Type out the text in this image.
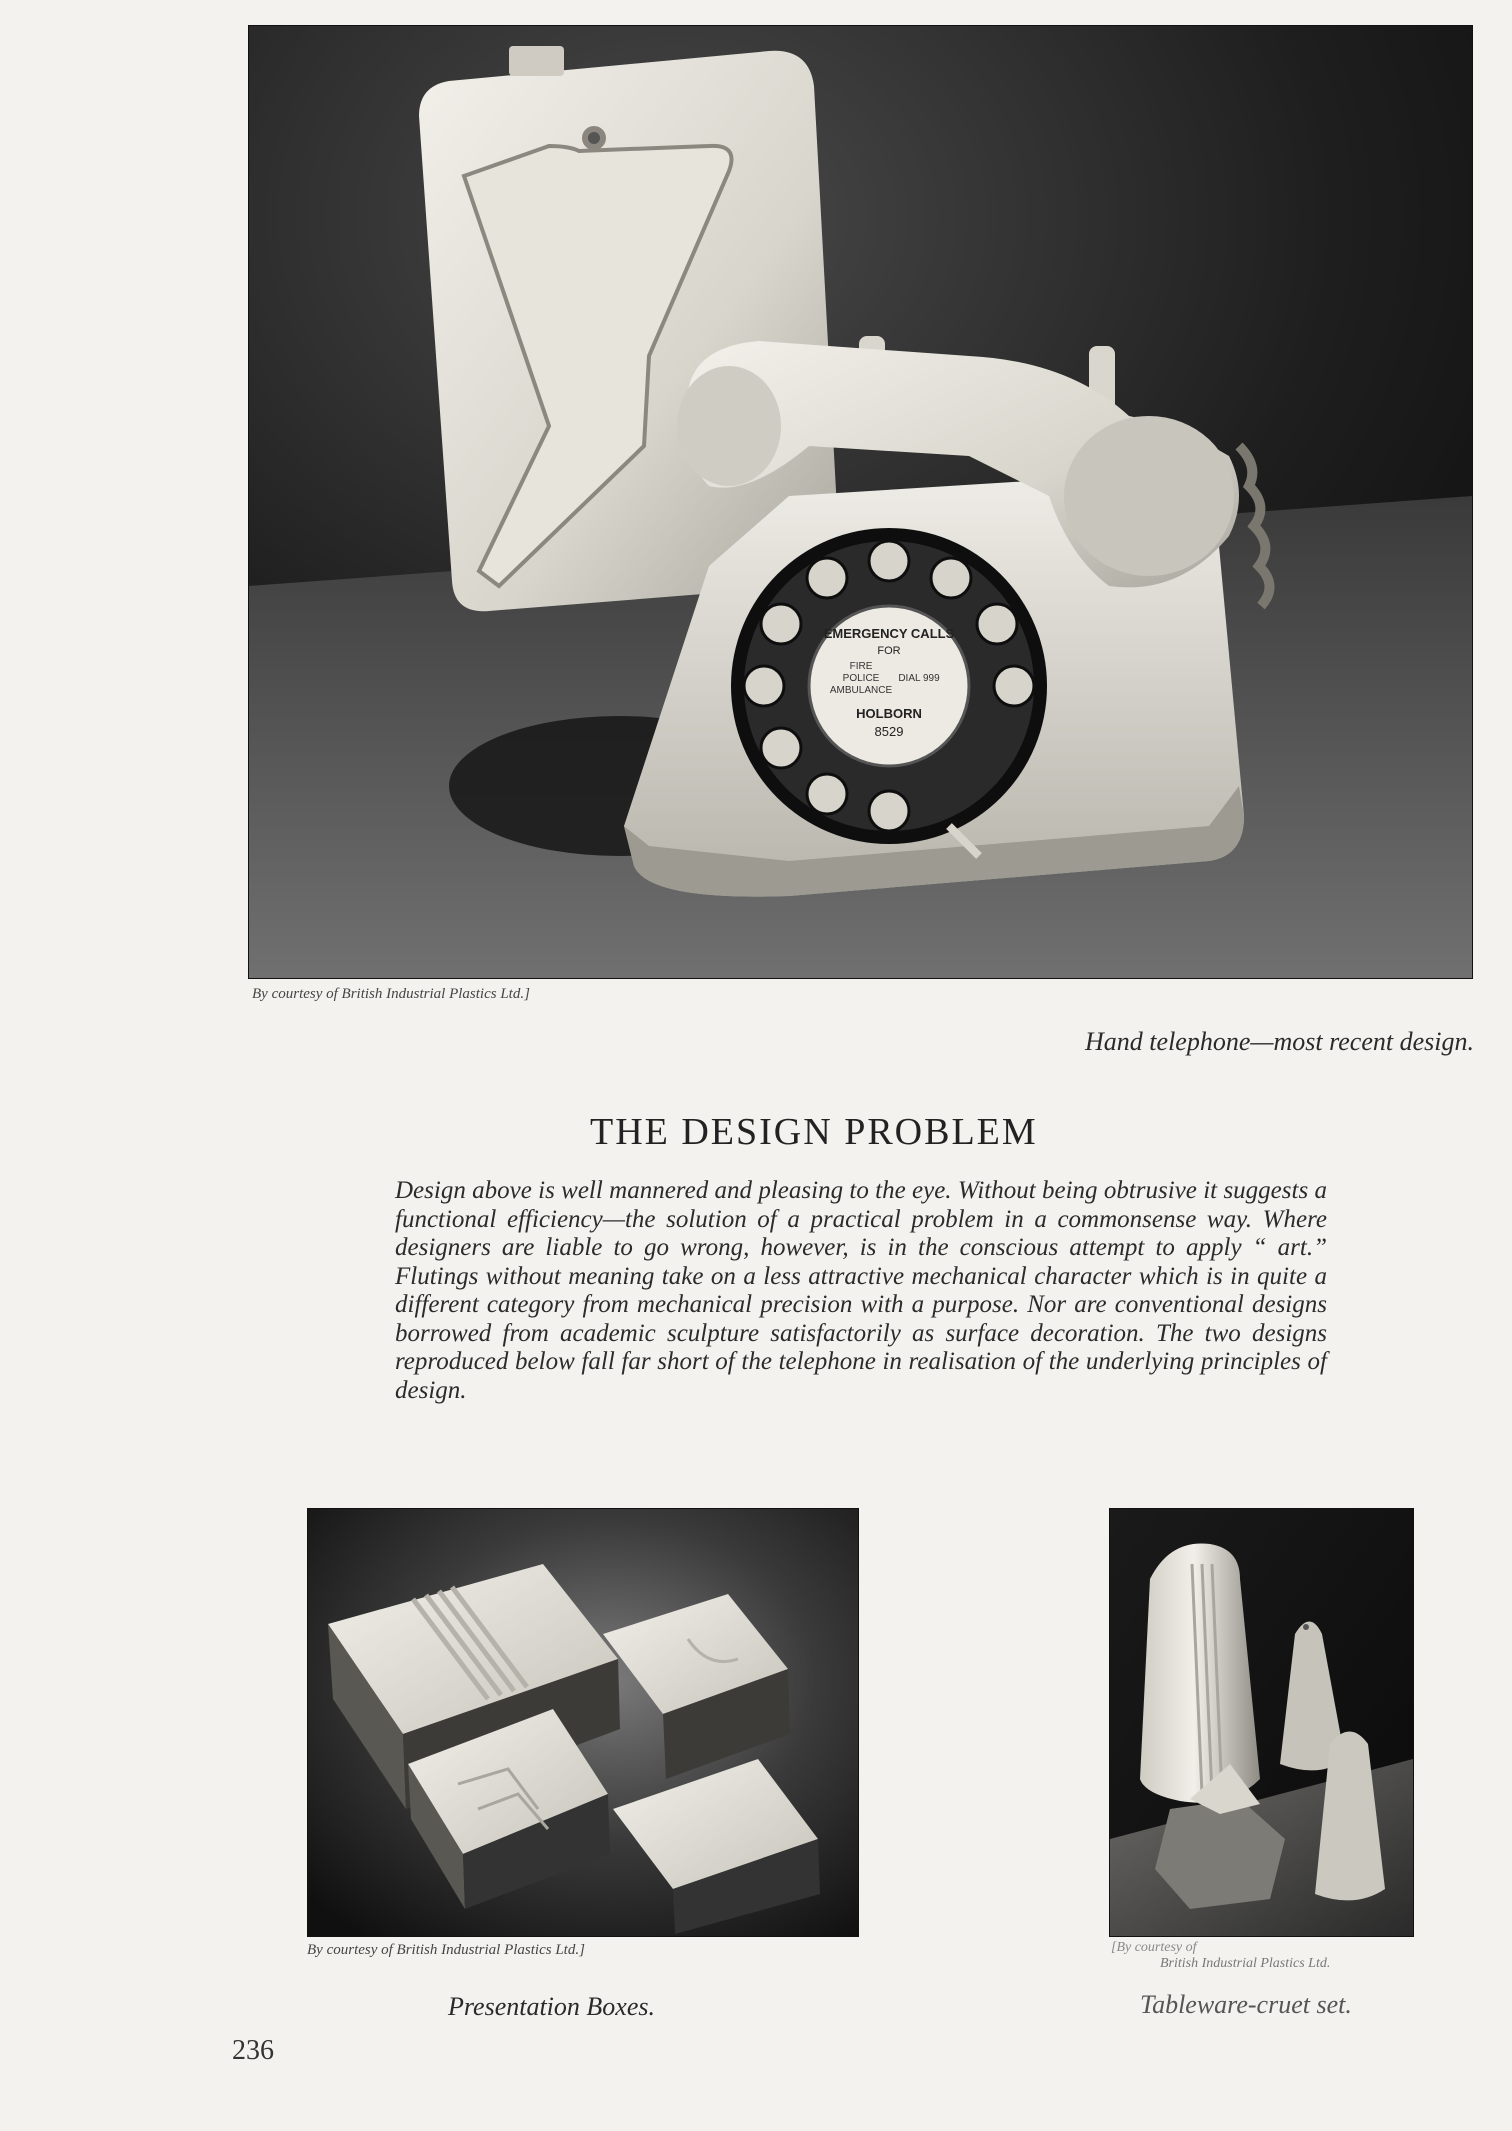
EMERGENCY CALLS
FOR
FIRE
POLICE
AMBULANCE
DIAL 999
HOLBORN
8529
By courtesy of British Industrial Plastics Ltd.]
Hand telephone—most recent design.
THE DESIGN PROBLEM

Design above is well mannered and pleasing to the eye. Without being obtrusive it suggests a functional efficiency—the solution of a practical problem in a commonsense way. Where designers are liable to go wrong, however, is in the conscious attempt to apply “ art.” Flutings without meaning take on a less attractive mechanical character which is in quite a different category from mechanical precision with a purpose. Nor are conventional designs borrowed from academic sculpture satisfactorily as surface decoration. The two designs reproduced below fall far short of the telephone in realisation of the underlying principles of design.

By courtesy of British Industrial Plastics Ltd.]
Presentation Boxes.
[By courtesy of
British Industrial Plastics Ltd.
Tableware-cruet set.
236
